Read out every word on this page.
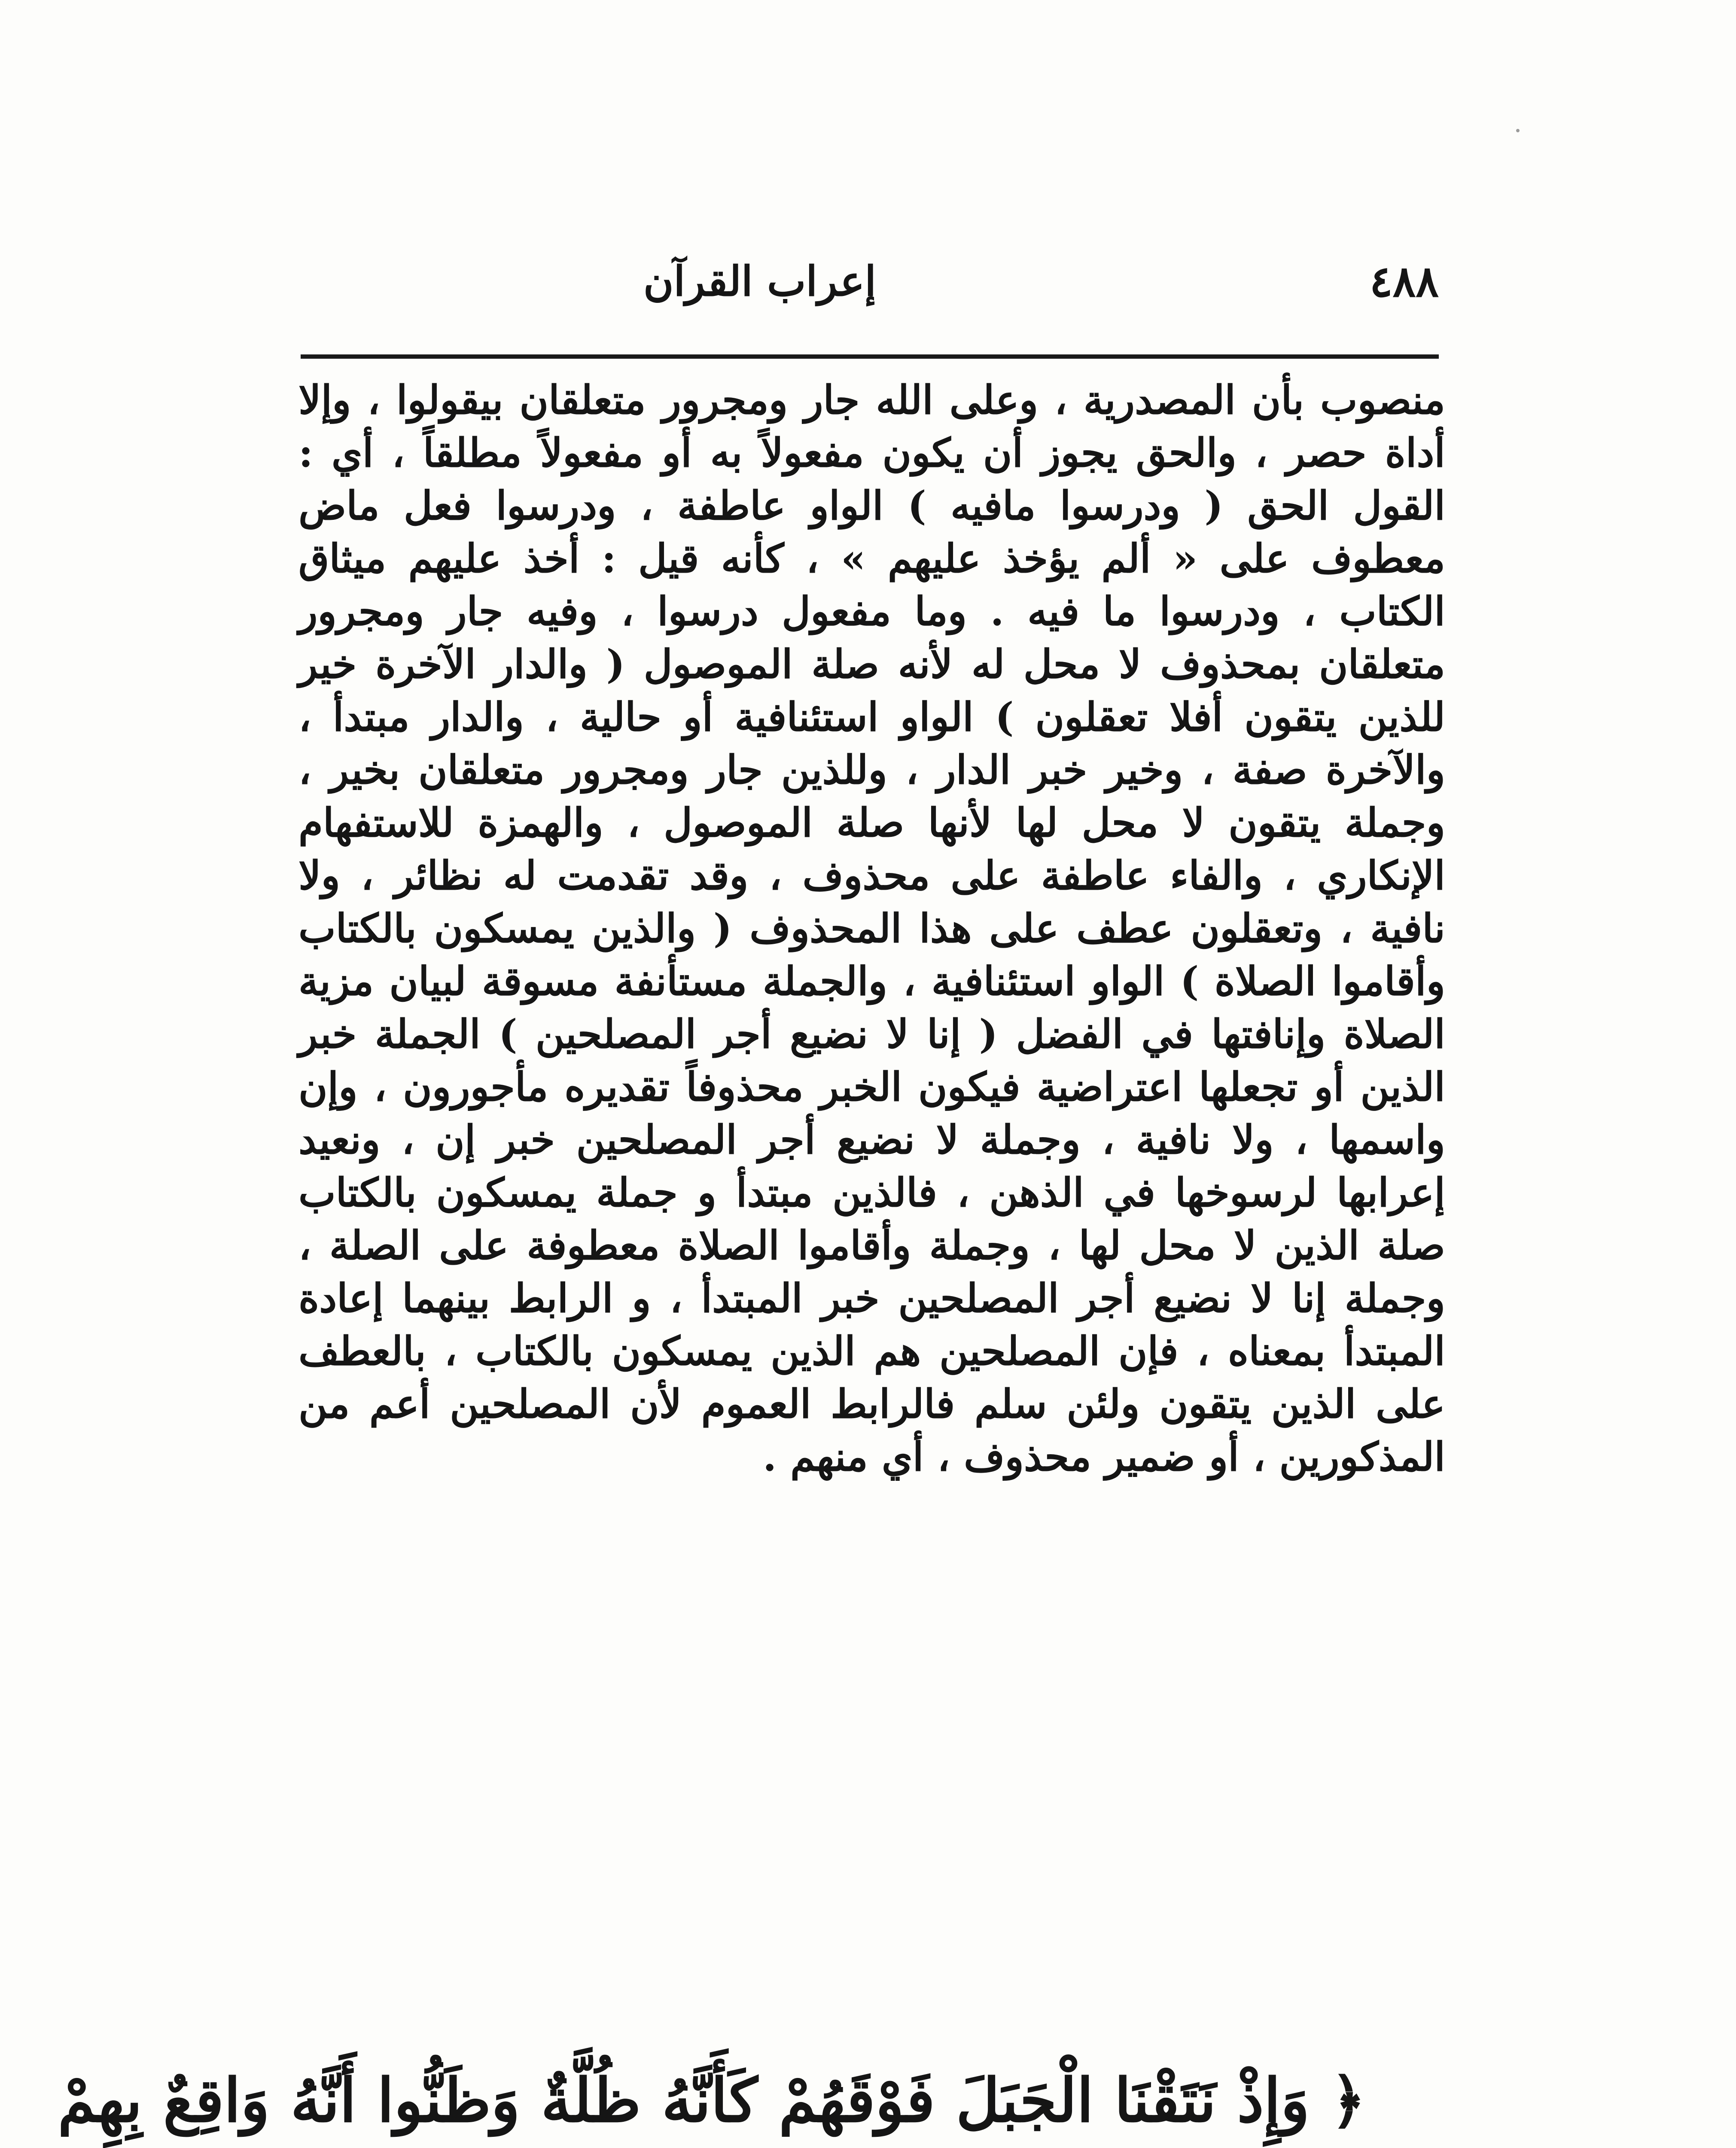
٤٨٨
إعراب القرآن
منصوب بأن المصدرية ، وعلى الله جار ومجرور متعلقان بيقولوا ، وإلا أداة حصر ، والحق يجوز أن يكون مفعولاً به أو مفعولاً مطلقاً ، أي : القول الحق ( ودرسوا مافيه ) الواو عاطفة ، ودرسوا فعل ماض معطوف على « ألم يؤخذ عليهم » ، كأنه قيل : أخذ عليهم ميثاق الكتاب ، ودرسوا ما فيه . وما مفعول درسوا ، وفيه جار ومجرور متعلقان بمحذوف لا محل له لأنه صلة الموصول ( والدار الآخرة خير للذين يتقون أفلا تعقلون ) الواو استئنافية أو حالية ، والدار مبتدأ ، والآخرة صفة ، وخير خبر الدار ، وللذين جار ومجرور متعلقان بخير ، وجملة يتقون لا محل لها لأنها صلة الموصول ، والهمزة للاستفهام الإنكاري ، والفاء عاطفة على محذوف ، وقد تقدمت له نظائر ، ولا نافية ، وتعقلون عطف على هذا المحذوف ( والذين يمسكون بالكتاب وأقاموا الصلاة ) الواو استئنافية ، والجملة مستأنفة مسوقة لبيان مزية الصلاة وإنافتها في الفضل ( إنا لا نضيع أجر المصلحين ) الجملة خبر الذين أو تجعلها اعتراضية فيكون الخبر محذوفاً تقديره مأجورون ، وإن واسمها ، ولا نافية ، وجملة لا نضيع أجر المصلحين خبر إن ، ونعيد إعرابها لرسوخها في الذهن ، فالذين مبتدأ و جملة يمسكون بالكتاب صلة الذين لا محل لها ، وجملة وأقاموا الصلاة معطوفة على الصلة ، وجملة إنا لا نضيع أجر المصلحين خبر المبتدأ ، و الرابط بينهما إعادة المبتدأ بمعناه ، فإن المصلحين هم الذين يمسكون بالكتاب ، بالعطف على الذين يتقون ولئن سلم فالرابط العموم لأن المصلحين أعم من المذكورين ، أو ضمير محذوف ، أي منهم .
﴿ وَإِذْ نَتَقْنَا الْجَبَلَ فَوْقَهُمْ كَأَنَّهُ ظُلَّةٌ وَظَنُّوا أَنَّهُ وَاقِعٌ بِهِمْ
